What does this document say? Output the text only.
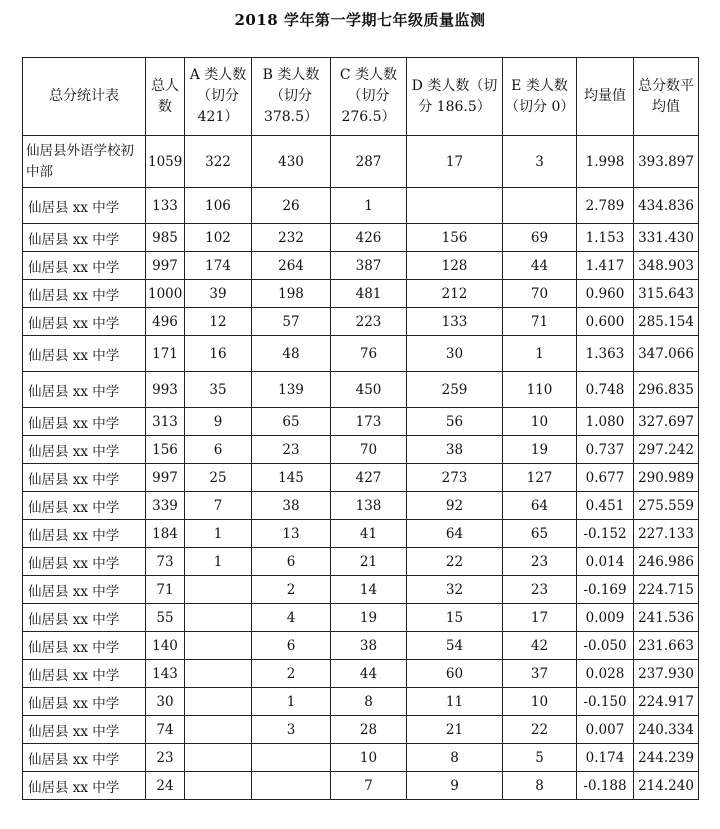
2018 学年第一学期七年级质量监测
总分统计表	总人数	A 类人数（切分421）	B 类人数（切分378.5）	C 类人数（切分276.5）	D 类人数（切分 186.5）	E 类人数（切分 0）	均量值	总分数平均值
仙居县外语学校初中部	1059	322	430	287	17	3	1.998	393.897
仙居县 xx 中学	133	106	26	1			2.789	434.836
仙居县 xx 中学	985	102	232	426	156	69	1.153	331.430
仙居县 xx 中学	997	174	264	387	128	44	1.417	348.903
仙居县 xx 中学	1000	39	198	481	212	70	0.960	315.643
仙居县 xx 中学	496	12	57	223	133	71	0.600	285.154
仙居县 xx 中学	171	16	48	76	30	1	1.363	347.066
仙居县 xx 中学	993	35	139	450	259	110	0.748	296.835
仙居县 xx 中学	313	9	65	173	56	10	1.080	327.697
仙居县 xx 中学	156	6	23	70	38	19	0.737	297.242
仙居县 xx 中学	997	25	145	427	273	127	0.677	290.989
仙居县 xx 中学	339	7	38	138	92	64	0.451	275.559
仙居县 xx 中学	184	1	13	41	64	65	-0.152	227.133
仙居县 xx 中学	73	1	6	21	22	23	0.014	246.986
仙居县 xx 中学	71		2	14	32	23	-0.169	224.715
仙居县 xx 中学	55		4	19	15	17	0.009	241.536
仙居县 xx 中学	140		6	38	54	42	-0.050	231.663
仙居县 xx 中学	143		2	44	60	37	0.028	237.930
仙居县 xx 中学	30		1	8	11	10	-0.150	224.917
仙居县 xx 中学	74		3	28	21	22	0.007	240.334
仙居县 xx 中学	23			10	8	5	0.174	244.239
仙居县 xx 中学	24			7	9	8	-0.188	214.240
